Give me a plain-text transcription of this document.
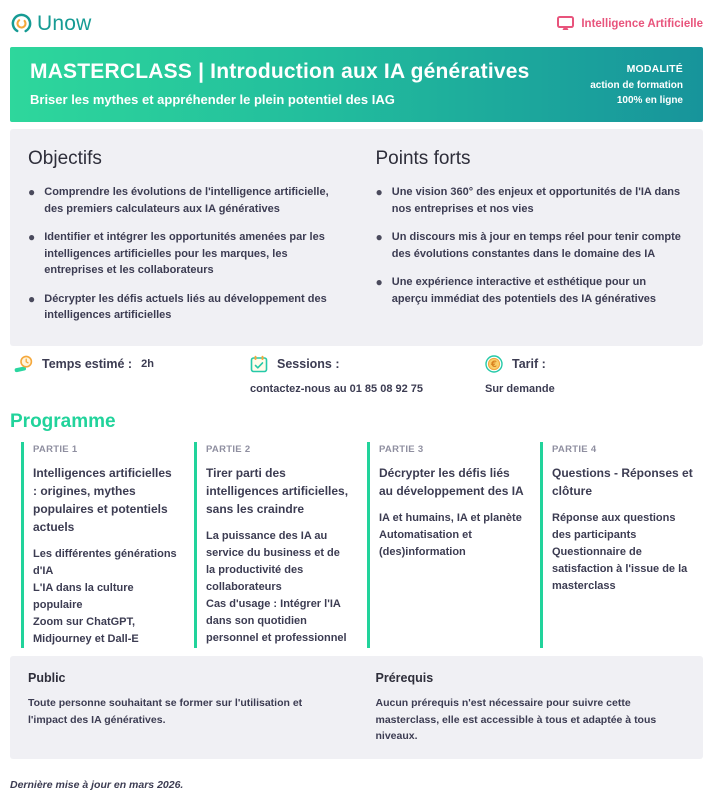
Unow	Intelligence Artificielle
MASTERCLASS | Introduction aux IA génératives

Briser les mythes et appréhender le plein potentiel des IAG

MODALITÉ
action de formation
100% en ligne
Objectifs
● Comprendre les évolutions de l'intelligence artificielle, des premiers calculateurs aux IA génératives
● Identifier et intégrer les opportunités amenées par les intelligences artificielles pour les marques, les entreprises et les collaborateurs
● Décrypter les défis actuels liés au développement des intelligences artificielles
Points forts
● Une vision 360° des enjeux et opportunités de l'IA dans nos entreprises et nos vies
● Un discours mis à jour en temps réel pour tenir compte des évolutions constantes dans le domaine des IA
● Une expérience interactive et esthétique pour un aperçu immédiat des potentiels des IA génératives
Temps estimé : 2h	Sessions :
contactez-nous au 01 85 08 92 75
€ Tarif :
Sur demande
Programme
PARTIE 1
Intelligences artificielles : origines, mythes populaires et potentiels actuels
Les différentes générations d'IA
L'IA dans la culture populaire
Zoom sur ChatGPT, Midjourney et Dall-E
PARTIE 2
Tirer parti des intelligences artificielles, sans les craindre
La puissance des IA au service du business et de la productivité des collaborateurs
Cas d'usage : Intégrer l'IA dans son quotidien personnel et professionnel
PARTIE 3
Décrypter les défis liés au développement des IA
IA et humains, IA et planète
Automatisation et (des)information
PARTIE 4
Questions - Réponses et clôture
Réponse aux questions des participants
Questionnaire de satisfaction à l'issue de la masterclass
Public

Toute personne souhaitant se former sur l'utilisation et l'impact des IA génératives.

Prérequis

Aucun prérequis n'est nécessaire pour suivre cette masterclass, elle est accessible à tous et adaptée à tous niveaux.

Dernière mise à jour en mars 2026.
